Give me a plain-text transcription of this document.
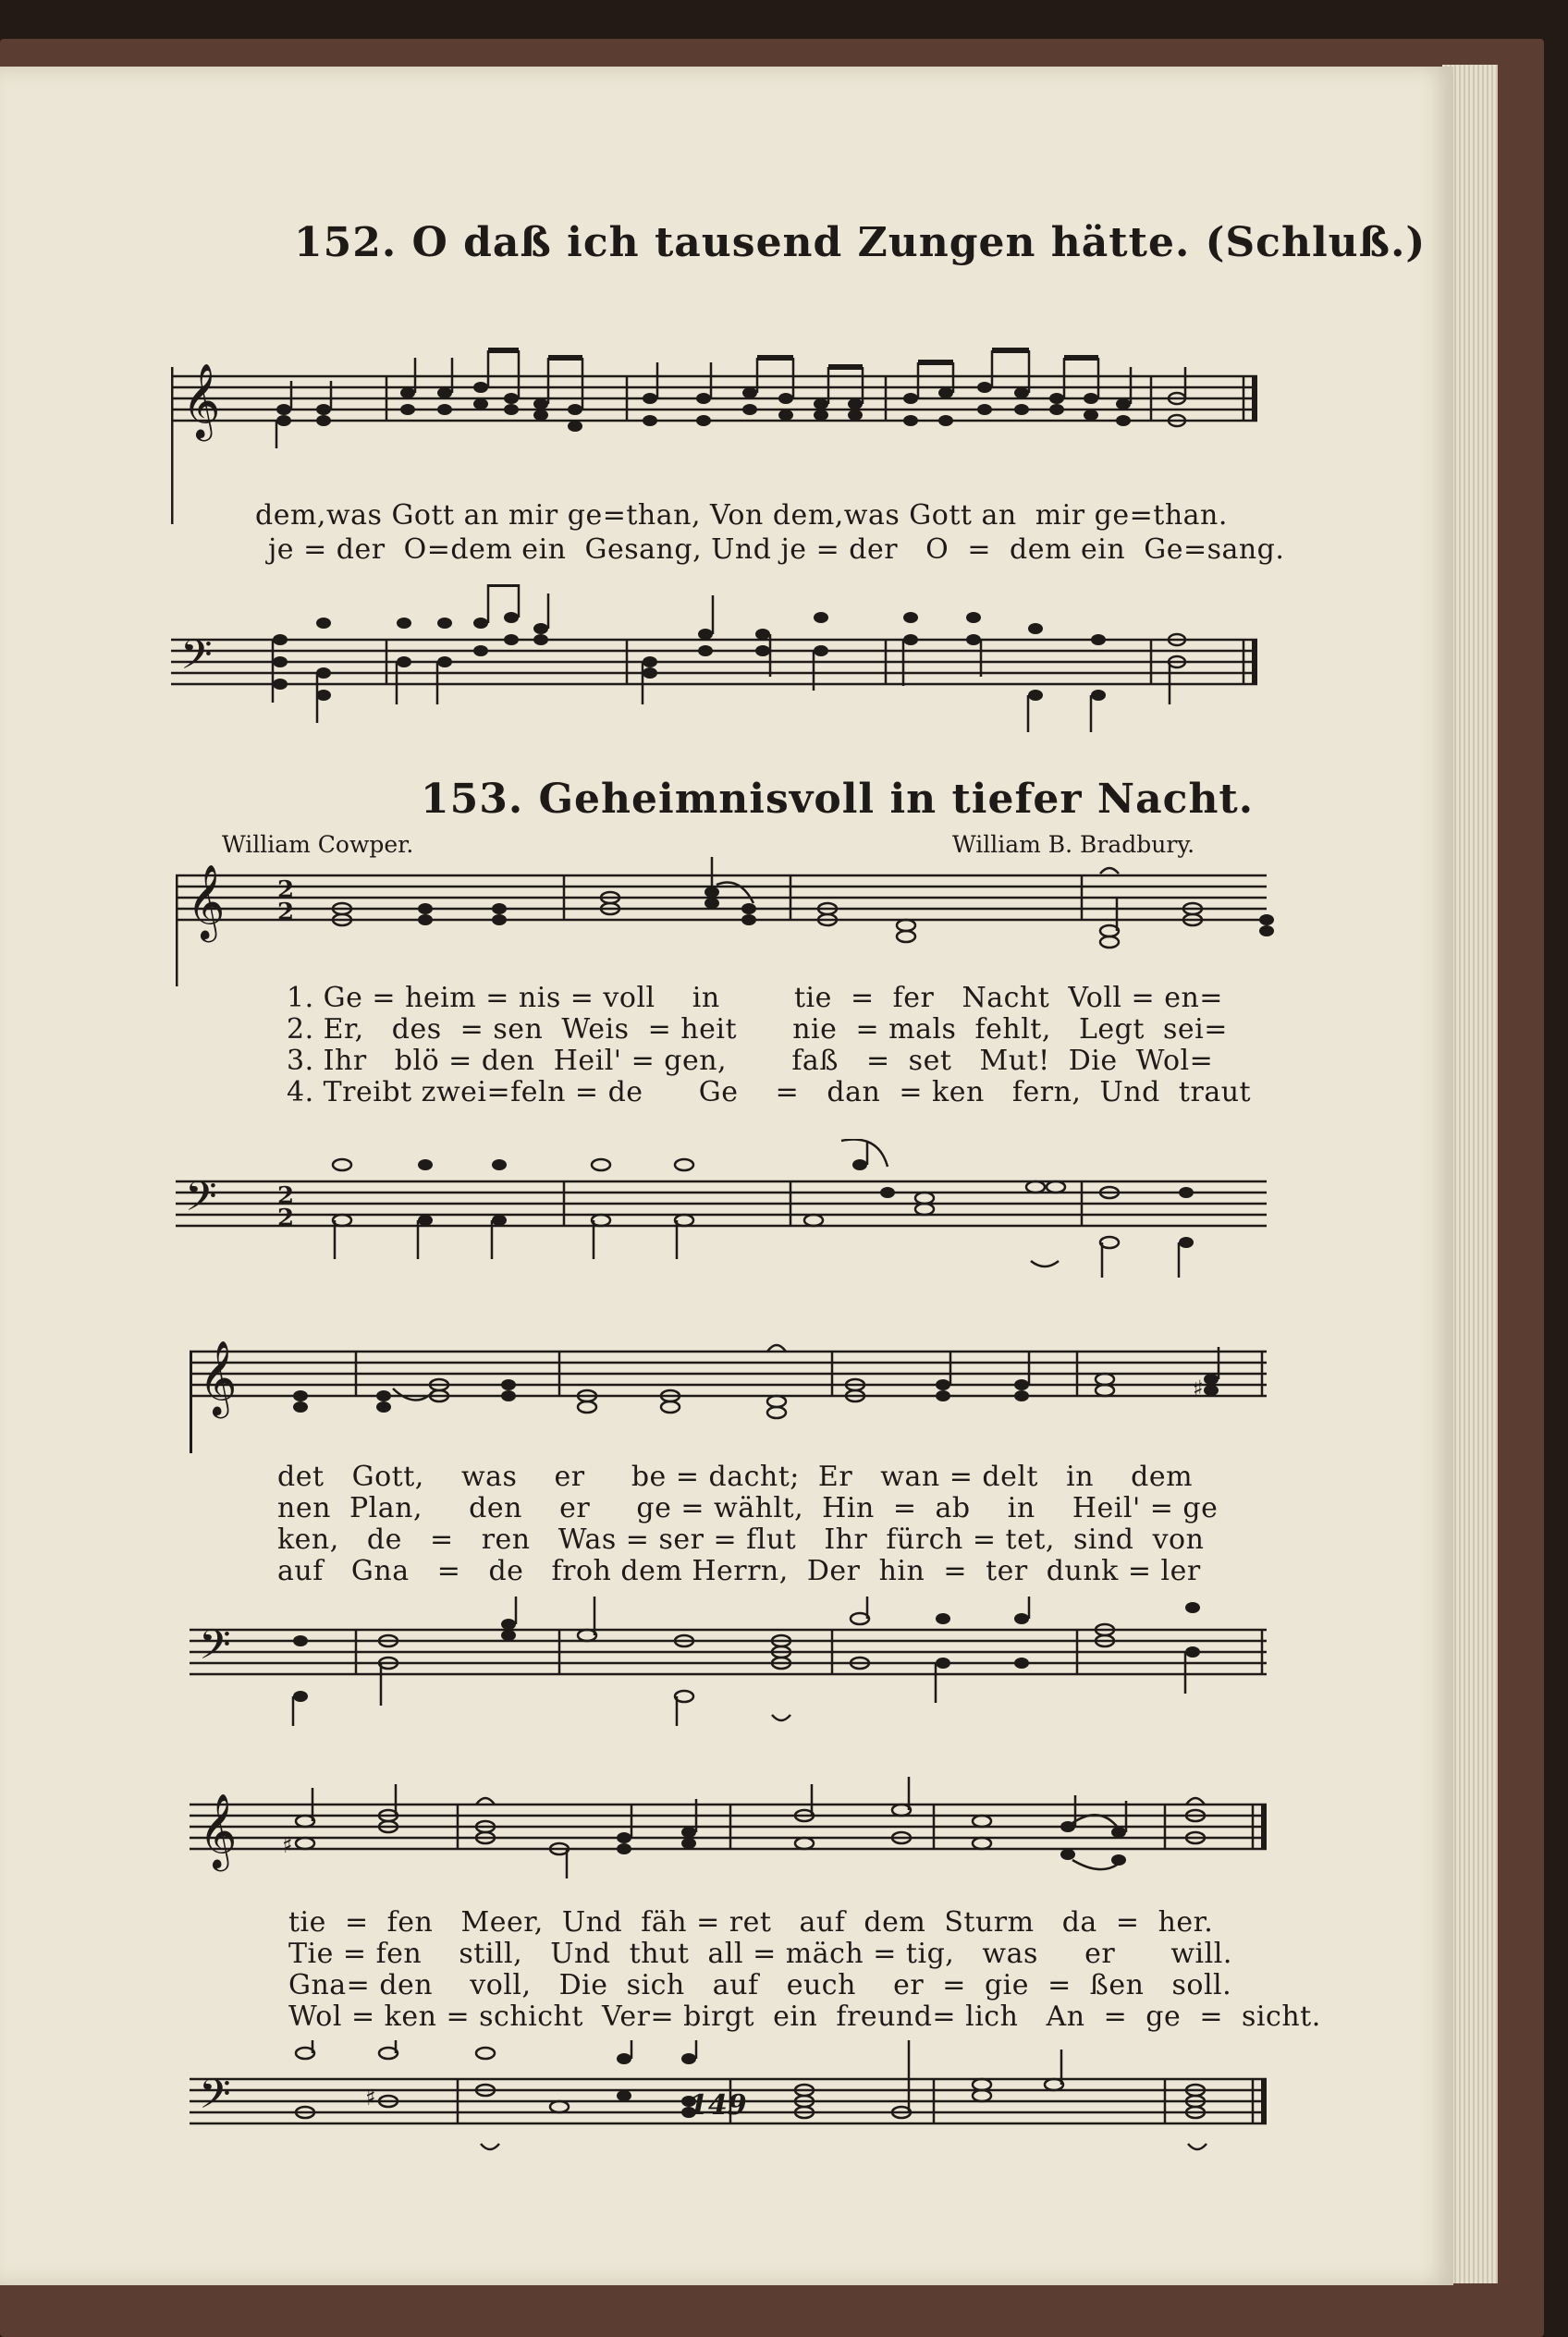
152. O daß ich tausend Zungen hätte. (Schluß.)
𝄞
dem,was Gott an mir ge=than, Von dem,was Gott an  mir ge=than.
je = der  O=dem ein  Gesang, Und je = der   O  =  dem ein  Ge=sang.
𝄢
153. Geheimnisvoll in tiefer Nacht.
William Cowper.	William B. Bradbury.
𝄞 2
2
1. Ge = heim = nis = voll    in        tie  =  fer   Nacht  Voll = en=
2. Er,   des  = sen  Weis  = heit      nie  = mals  fehlt,   Legt  sei=
3. Ihr   blö = den  Heil' = gen,       faß   =  set   Mut!  Die  Wol=
4. Treibt zwei=feln = de      Ge    =   dan  = ken   fern,  Und  traut
𝄢	2
2
𝄞	♯
det   Gott,    was    er     be = dacht;  Er   wan = delt   in    dem
nen  Plan,     den    er     ge = wählt,  Hin  =  ab    in    Heil' = ge
ken,   de   =   ren   Was = ser = flut   Ihr  fürch = tet,  sind  von
auf   Gna   =   de   froh dem Herrn,  Der  hin  =  ter  dunk = ler
𝄢
𝄞 ♯
tie  =  fen   Meer,  Und  fäh = ret   auf  dem  Sturm   da  =  her.
Tie = fen    still,   Und  thut  all = mäch = tig,   was     er      will.
Gna= den    voll,   Die  sich   auf   euch    er  =  gie  =  ßen   soll.
Wol = ken = schicht  Ver= birgt  ein  freund= lich   An  =  ge  =  sicht.
𝄢	♯	149
